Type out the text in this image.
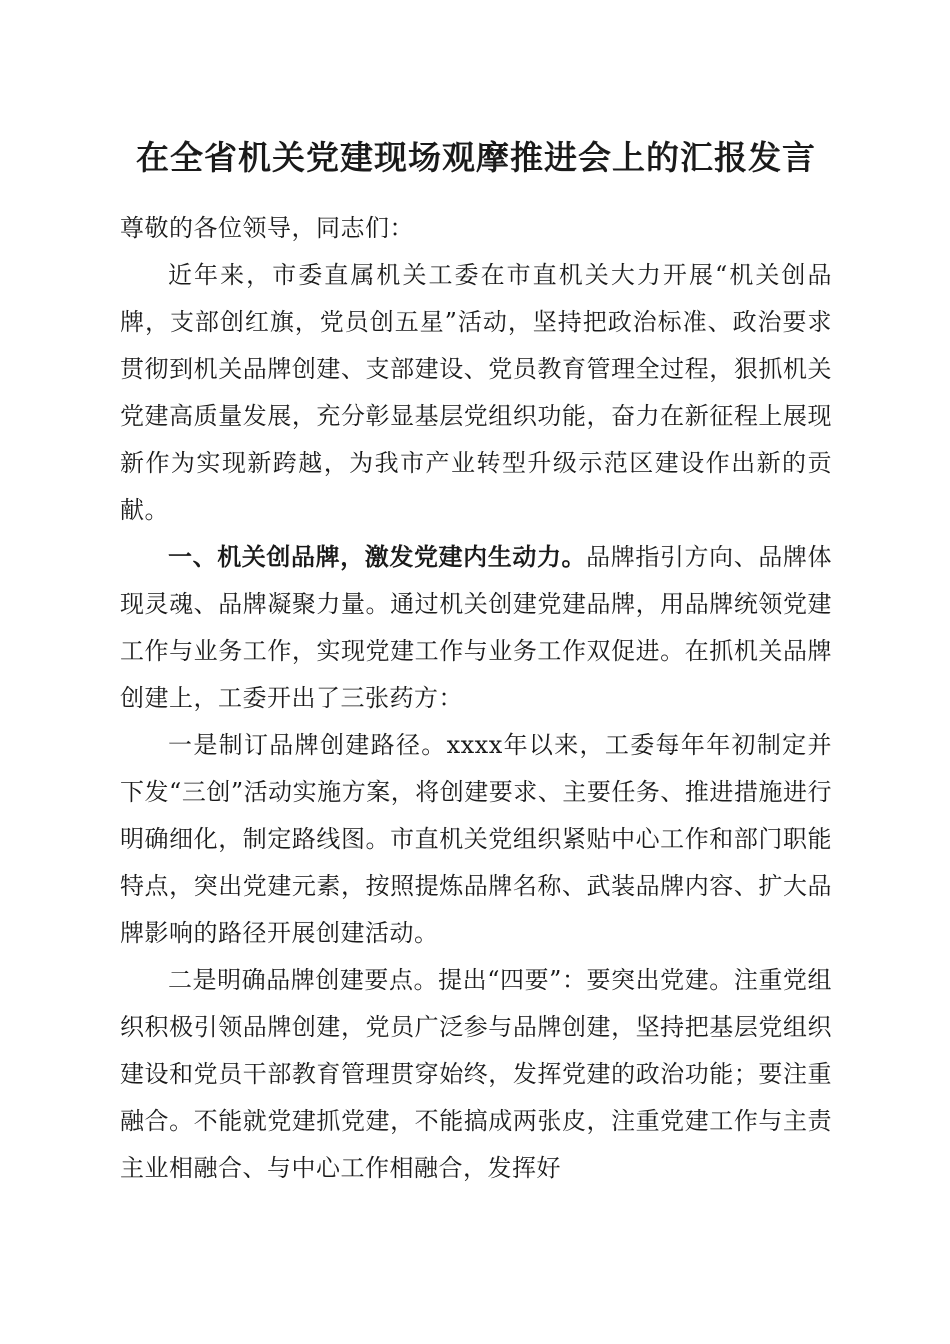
在全省机关党建现场观摩推进会上的汇报发言

尊敬的各位领导，同志们：

近年来，市委直属机关工委在市直机关大力开展“机关创品牌，支部创红旗，党员创五星”活动，坚持把政治标准、政治要求贯彻到机关品牌创建、支部建设、党员教育管理全过程，狠抓机关党建高质量发展，充分彰显基层党组织功能，奋力在新征程上展现新作为实现新跨越，为我市产业转型升级示范区建设作出新的贡献。

一、机关创品牌，激发党建内生动力。品牌指引方向、品牌体现灵魂、品牌凝聚力量。通过机关创建党建品牌，用品牌统领党建工作与业务工作，实现党建工作与业务工作双促进。在抓机关品牌创建上，工委开出了三张药方：

一是制订品牌创建路径。xxxx年以来，工委每年年初制定并下发“三创”活动实施方案，将创建要求、主要任务、推进措施进行明确细化，制定路线图。市直机关党组织紧贴中心工作和部门职能特点，突出党建元素，按照提炼品牌名称、武装品牌内容、扩大品牌影响的路径开展创建活动。

二是明确品牌创建要点。提出“四要”：要突出党建。注重党组织积极引领品牌创建，党员广泛参与品牌创建，坚持把基层党组织建设和党员干部教育管理贯穿始终，发挥党建的政治功能；要注重融合。不能就党建抓党建，不能搞成两张皮，注重党建工作与主责主业相融合、与中心工作相融合，发挥好
